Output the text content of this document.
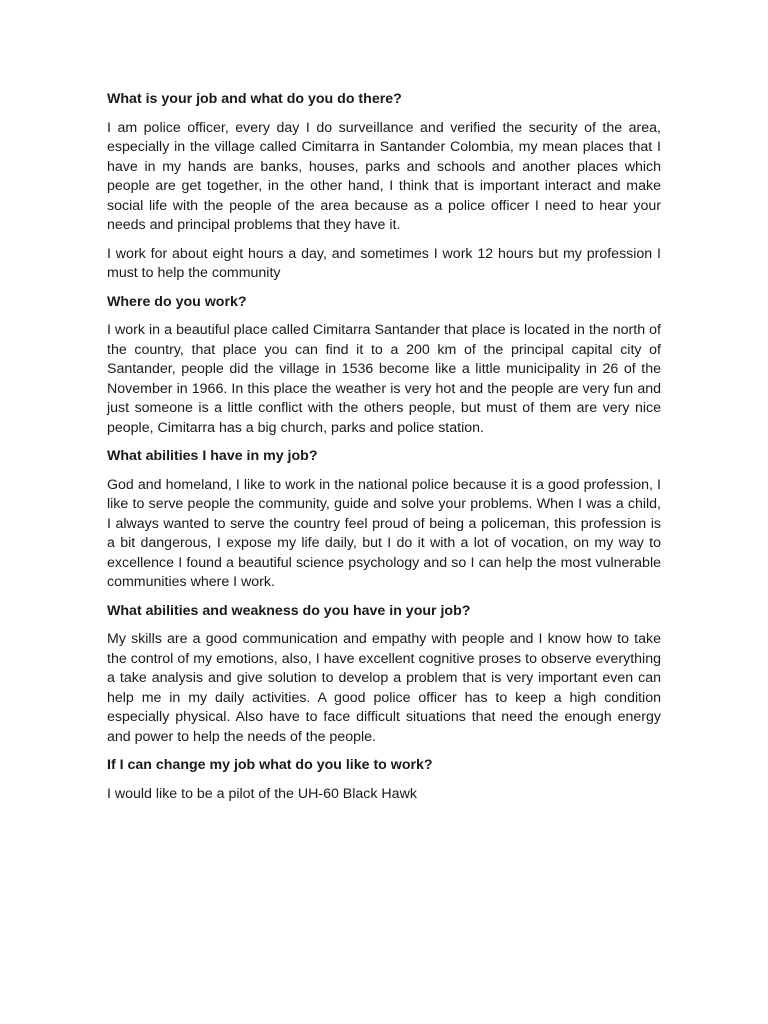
What is your job and what do you do there?

I am police officer, every day I do surveillance and verified the security of the area, especially in the village called Cimitarra in Santander Colombia, my mean places that I have in my hands are banks, houses, parks and schools and another places which people are get together, in the other hand, I think that is important interact and make social life with the people of the area because as a police officer I need to hear your needs and principal problems that they have it.

I work for about eight hours a day, and sometimes I work 12 hours but my profession I must to help the community

Where do you work?

I work in a beautiful place called Cimitarra Santander that place is located in the north of the country, that place you can find it to a 200 km of the principal capital city of Santander, people did the village in 1536 become like a little municipality in 26 of the November in 1966. In this place the weather is very hot and the people are very fun and just someone is a little conflict with the others people, but must of them are very nice people, Cimitarra has a big church, parks and police station.

What abilities I have in my job?

God and homeland, I like to work in the national police because it is a good profession, I like to serve people the community, guide and solve your problems. When I was a child, I always wanted to serve the country feel proud of being a policeman, this profession is a bit dangerous, I expose my life daily, but I do it with a lot of vocation, on my way to excellence I found a beautiful science psychology and so I can help the most vulnerable communities where I work.

What abilities and weakness do you have in your job?

My skills are a good communication and empathy with people and I know how to take the control of my emotions, also, I have excellent cognitive proses to observe everything a take analysis and give solution to develop a problem that is very important even can help me in my daily activities. A good police officer has to keep a high condition especially physical. Also have to face difficult situations that need the enough energy and power to help the needs of the people.

If I can change my job what do you like to work?

I would like to be a pilot of the UH-60 Black Hawk
